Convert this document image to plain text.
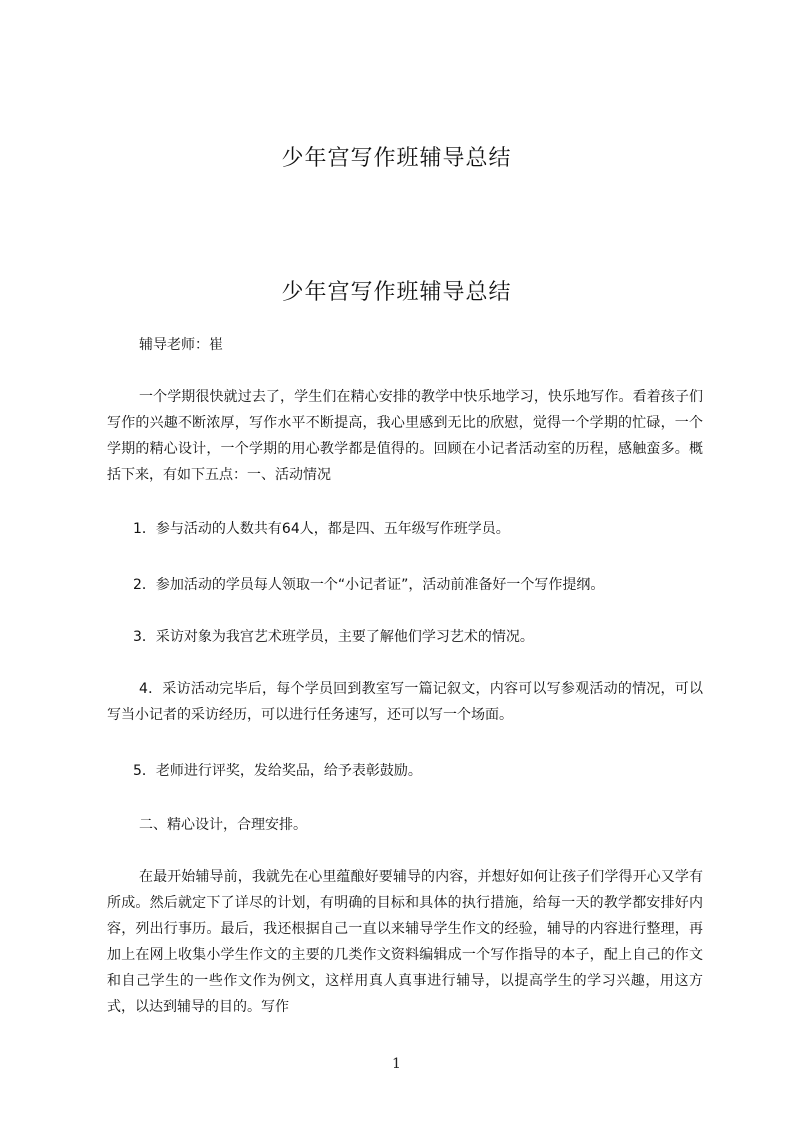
少年宫写作班辅导总结
少年宫写作班辅导总结
辅导老师：崔
一个学期很快就过去了，学生们在精心安排的教学中快乐地学习，快乐地写作。看着孩子们写作的兴趣不断浓厚，写作水平不断提高，我心里感到无比的欣慰，觉得一个学期的忙碌，一个学期的精心设计，一个学期的用心教学都是值得的。回顾在小记者活动室的历程，感触蛮多。概括下来，有如下五点：一、活动情况
1．参与活动的人数共有64人，都是四、五年级写作班学员。
2．参加活动的学员每人领取一个“小记者证”，活动前准备好一个写作提纲。
3．采访对象为我宫艺术班学员，主要了解他们学习艺术的情况。
4．采访活动完毕后，每个学员回到教室写一篇记叙文，内容可以写参观活动的情况，可以写当小记者的采访经历，可以进行任务速写，还可以写一个场面。
5．老师进行评奖，发给奖品，给予表彰鼓励。
二、精心设计，合理安排。
在最开始辅导前，我就先在心里蕴酿好要辅导的内容，并想好如何让孩子们学得开心又学有所成。然后就定下了详尽的计划，有明确的目标和具体的执行措施，给每一天的教学都安排好内容，列出行事历。最后，我还根据自己一直以来辅导学生作文的经验，辅导的内容进行整理，再加上在网上收集小学生作文的主要的几类作文资料编辑成一个写作指导的本子，配上自己的作文和自己学生的一些作文作为例文，这样用真人真事进行辅导，以提高学生的学习兴趣，用这方式，以达到辅导的目的。写作
1
